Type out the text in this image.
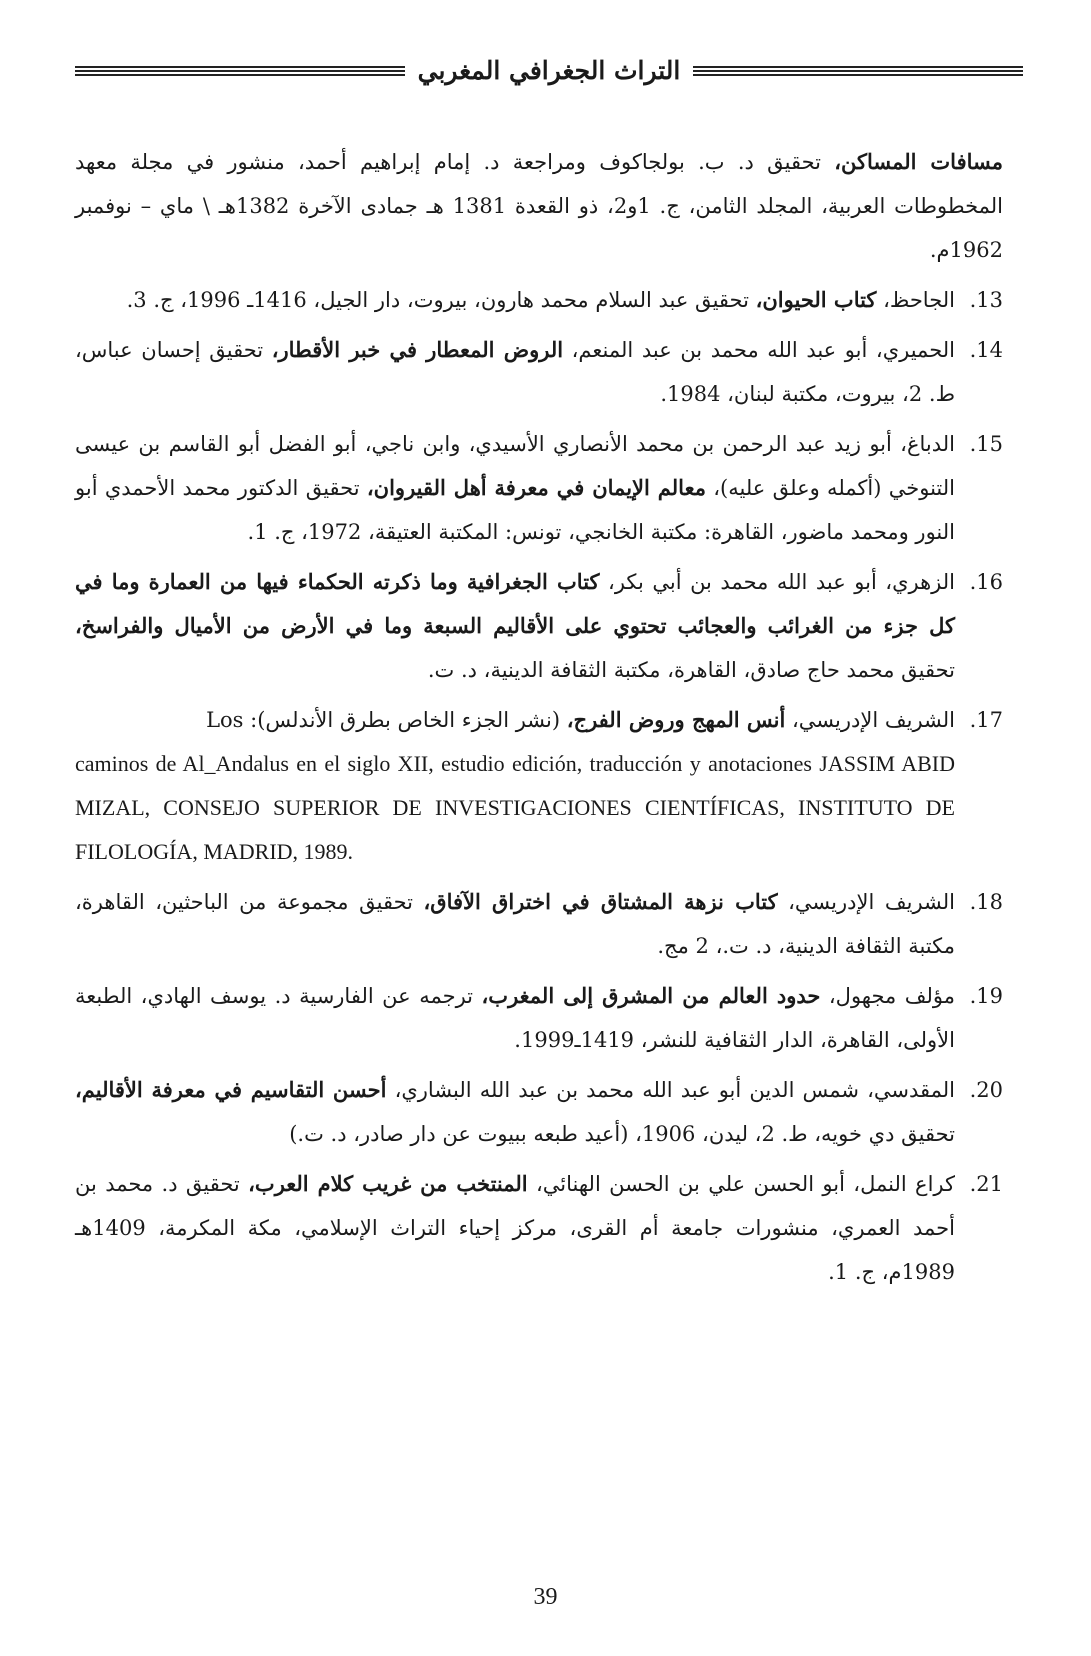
التراث الجغرافي المغربي

مسافات المساكن، تحقيق د. ب. بولجاكوف ومراجعة د. إمام إبراهيم أحمد، منشور في مجلة معهد المخطوطات العربية، المجلد الثامن، ج. 1و2، ذو القعدة 1381 هـ جمادى الآخرة 1382هـ \ ماي – نوفمبر 1962م.

13.
الجاحظ، كتاب الحيوان، تحقيق عبد السلام محمد هارون، بيروت، دار الجيل، 1416ـ 1996، ج. 3.
14.
الحميري، أبو عبد الله محمد بن عبد المنعم، الروض المعطار في خبر الأقطار، تحقيق إحسان عباس، ط. 2، بيروت، مكتبة لبنان، 1984.
15.
الدباغ، أبو زيد عبد الرحمن بن محمد الأنصاري الأسيدي، وابن ناجي، أبو الفضل أبو القاسم بن عيسى التنوخي (أكمله وعلق عليه)، معالم الإيمان في معرفة أهل القيروان، تحقيق الدكتور محمد الأحمدي أبو النور ومحمد ماضور، القاهرة: مكتبة الخانجي، تونس: المكتبة العتيقة، 1972، ج. 1.
16.
الزهري، أبو عبد الله محمد بن أبي بكر، كتاب الجغرافية وما ذكرته الحكماء فيها من العمارة وما في كل جزء من الغرائب والعجائب تحتوي على الأقاليم السبعة وما في الأرض من الأميال والفراسخ، تحقيق محمد حاج صادق، القاهرة، مكتبة الثقافة الدينية، د. ت.
17.
الشريف الإدريسي، أنس المهج وروض الفرج، (نشر الجزء الخاص بطرق الأندلس): Los
caminos de Al_Andalus en el siglo XII, estudio edición, traducción y anotaciones JASSIM ABID MIZAL, CONSEJO SUPERIOR DE INVESTIGACIONES CIENTÍFICAS, INSTITUTO DE FILOLOGÍA, MADRID, 1989.
18.
الشريف الإدريسي، كتاب نزهة المشتاق في اختراق الآفاق، تحقيق مجموعة من الباحثين، القاهرة، مكتبة الثقافة الدينية، د. ت.، 2 مج.
19.
مؤلف مجهول، حدود العالم من المشرق إلى المغرب، ترجمه عن الفارسية د. يوسف الهادي، الطبعة الأولى، القاهرة، الدار الثقافية للنشر، 1419ـ1999.
20.
المقدسي، شمس الدين أبو عبد الله محمد بن عبد الله البشاري، أحسن التقاسيم في معرفة الأقاليم، تحقيق دي خويه، ط. 2، ليدن، 1906، (أعيد طبعه ببيوت عن دار صادر، د. ت.)
21.
كراع النمل، أبو الحسن علي بن الحسن الهنائي، المنتخب من غريب كلام العرب، تحقيق د. محمد بن أحمد العمري، منشورات جامعة أم القرى، مركز إحياء التراث الإسلامي، مكة المكرمة، 1409هـ 1989م، ج. 1.
39
